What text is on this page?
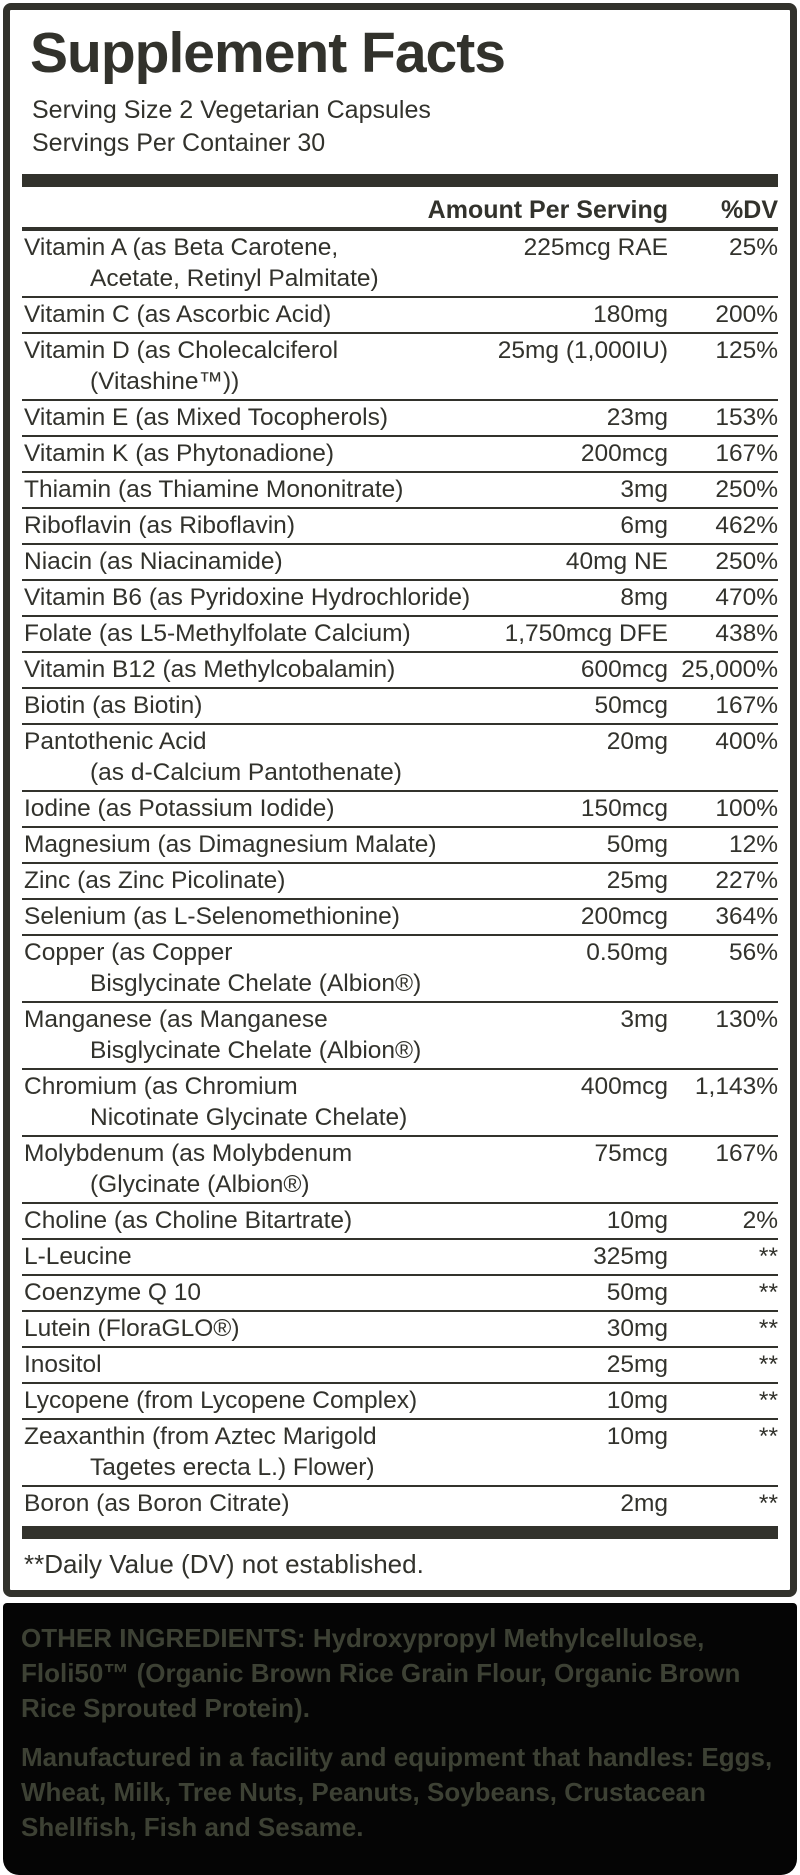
Supplement Facts
Serving Size 2 Vegetarian Capsules
Servings Per Container 30
Amount Per Serving	%DV
Vitamin A (as Beta Carotene,
Acetate, Retinyl Palmitate)
225mcg RAE	25%
Vitamin C (as Ascorbic Acid)	180mg	200%
Vitamin D (as Cholecalciferol
(Vitashine™))
25mg (1,000IU)	125%
Vitamin E (as Mixed Tocopherols)	23mg	153%
Vitamin K (as Phytonadione)	200mcg	167%
Thiamin (as Thiamine Mononitrate)	3mg	250%
Riboflavin (as Riboflavin)	6mg	462%
Niacin (as Niacinamide)	40mg NE	250%
Vitamin B6 (as Pyridoxine Hydrochloride)	8mg	470%
Folate (as L5-Methylfolate Calcium)	1,750mcg DFE	438%
Vitamin B12 (as Methylcobalamin)	600mcg 25,000%
Biotin (as Biotin)	50mcg	167%
Pantothenic Acid
(as d-Calcium Pantothenate)
20mg	400%
Iodine (as Potassium Iodide)	150mcg	100%
Magnesium (as Dimagnesium Malate)	50mg	12%
Zinc (as Zinc Picolinate)	25mg	227%
Selenium (as L-Selenomethionine)	200mcg	364%
Copper (as Copper
Bisglycinate Chelate (Albion®)
0.50mg	56%
Manganese (as Manganese
Bisglycinate Chelate (Albion®)
3mg	130%
Chromium (as Chromium
Nicotinate Glycinate Chelate)
400mcg	1,143%
Molybdenum (as Molybdenum
(Glycinate (Albion®)
75mcg	167%
Choline (as Choline Bitartrate)	10mg	2%
L-Leucine	325mg	**
Coenzyme Q 10	50mg	**
Lutein (FloraGLO®)	30mg	**
Inositol	25mg	**
Lycopene (from Lycopene Complex)	10mg	**
Zeaxanthin (from Aztec Marigold
Tagetes erecta L.) Flower)
10mg	**
Boron (as Boron Citrate)	2mg	**
**Daily Value (DV) not established.

OTHER INGREDIENTS: Hydroxypropyl Methylcellulose, Floli50™ (Organic Brown Rice Grain Flour, Organic Brown Rice Sprouted Protein).

Manufactured in a facility and equipment that handles: Eggs, Wheat, Milk, Tree Nuts, Peanuts, Soybeans, Crustacean Shellfish, Fish and Sesame.
